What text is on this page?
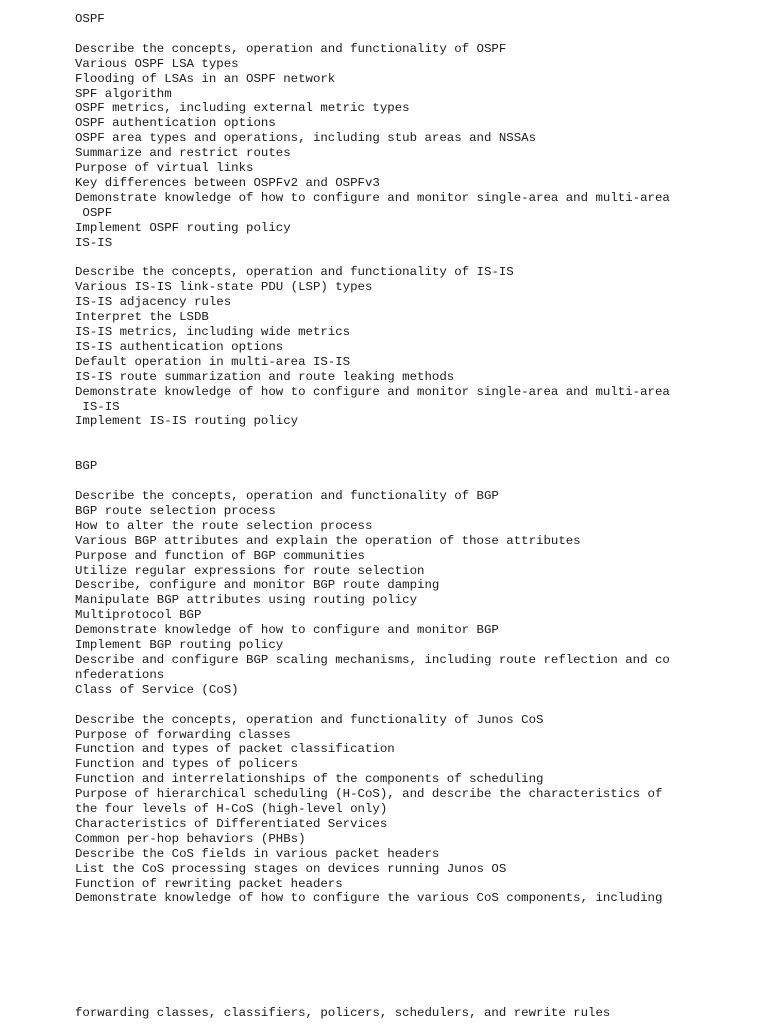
OSPF

Describe the concepts, operation and functionality of OSPF
Various OSPF LSA types
Flooding of LSAs in an OSPF network
SPF algorithm
OSPF metrics, including external metric types
OSPF authentication options
OSPF area types and operations, including stub areas and NSSAs
Summarize and restrict routes
Purpose of virtual links
Key differences between OSPFv2 and OSPFv3
Demonstrate knowledge of how to configure and monitor single-area and multi-area
OSPF
Implement OSPF routing policy
IS-IS

Describe the concepts, operation and functionality of IS-IS
Various IS-IS link-state PDU (LSP) types
IS-IS adjacency rules
Interpret the LSDB
IS-IS metrics, including wide metrics
IS-IS authentication options
Default operation in multi-area IS-IS
IS-IS route summarization and route leaking methods
Demonstrate knowledge of how to configure and monitor single-area and multi-area
IS-IS
Implement IS-IS routing policy

BGP

Describe the concepts, operation and functionality of BGP
BGP route selection process
How to alter the route selection process
Various BGP attributes and explain the operation of those attributes
Purpose and function of BGP communities
Utilize regular expressions for route selection
Describe, configure and monitor BGP route damping
Manipulate BGP attributes using routing policy
Multiprotocol BGP
Demonstrate knowledge of how to configure and monitor BGP
Implement BGP routing policy
Describe and configure BGP scaling mechanisms, including route reflection and co
nfederations
Class of Service (CoS)

Describe the concepts, operation and functionality of Junos CoS
Purpose of forwarding classes
Function and types of packet classification
Function and types of policers
Function and interrelationships of the components of scheduling
Purpose of hierarchical scheduling (H-CoS), and describe the characteristics of
the four levels of H-CoS (high-level only)
Characteristics of Differentiated Services
Common per-hop behaviors (PHBs)
Describe the CoS fields in various packet headers
List the CoS processing stages on devices running Junos OS
Function of rewriting packet headers
Demonstrate knowledge of how to configure the various CoS components, including
forwarding classes, classifiers, policers, schedulers, and rewrite rules
